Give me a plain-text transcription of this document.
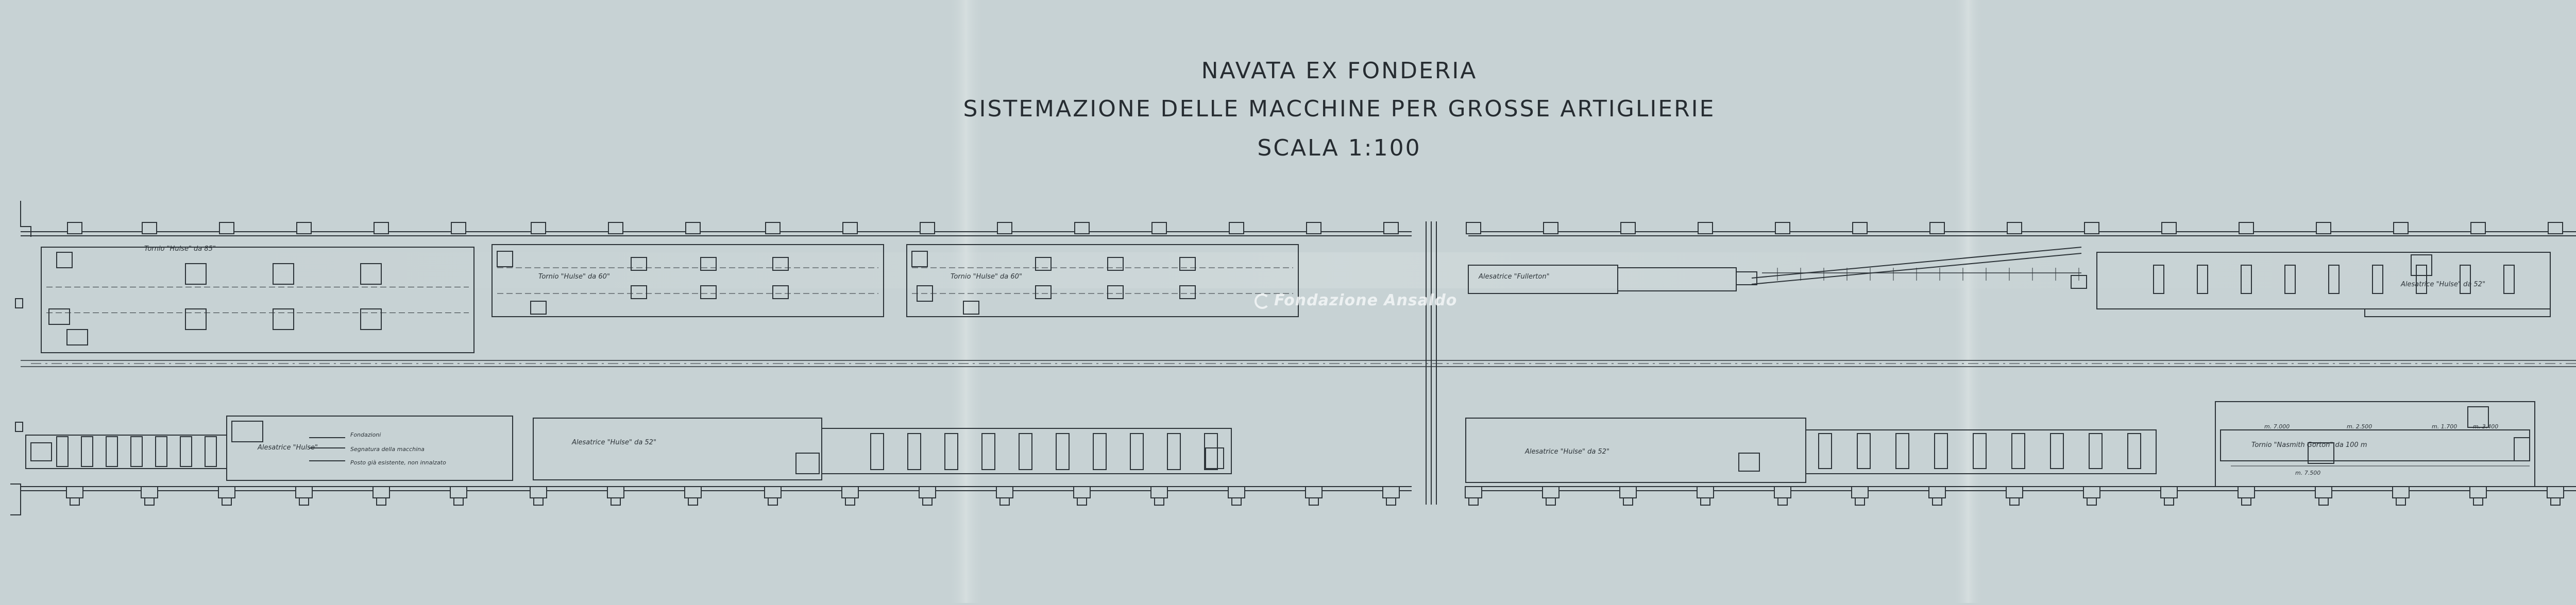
NAVATA EX FONDERIA
SISTEMAZIONE DELLE MACCHINE PER GROSSE ARTIGLIERIE
SCALA 1:100
Tornio "Hulse" da 85"
Tornio "Hulse" da 60"	Tornio "Hulse" da 60"	Alesatrice "Fullerton"
Alesatrice "Hulse" da 52"
Alesatrice "Hulse"
Alesatrice "Hulse" da 52"
Alesatrice "Hulse" da 52"
Tornio "Nasmith Gorton" da 100 m
Fondazioni
Segnatura della macchina
Posto già esistente, non innalzato
m. 7.000	m. 2.500
m. 7.500
m. 1.700	m. 3.400
Fondazione Ansaldo
